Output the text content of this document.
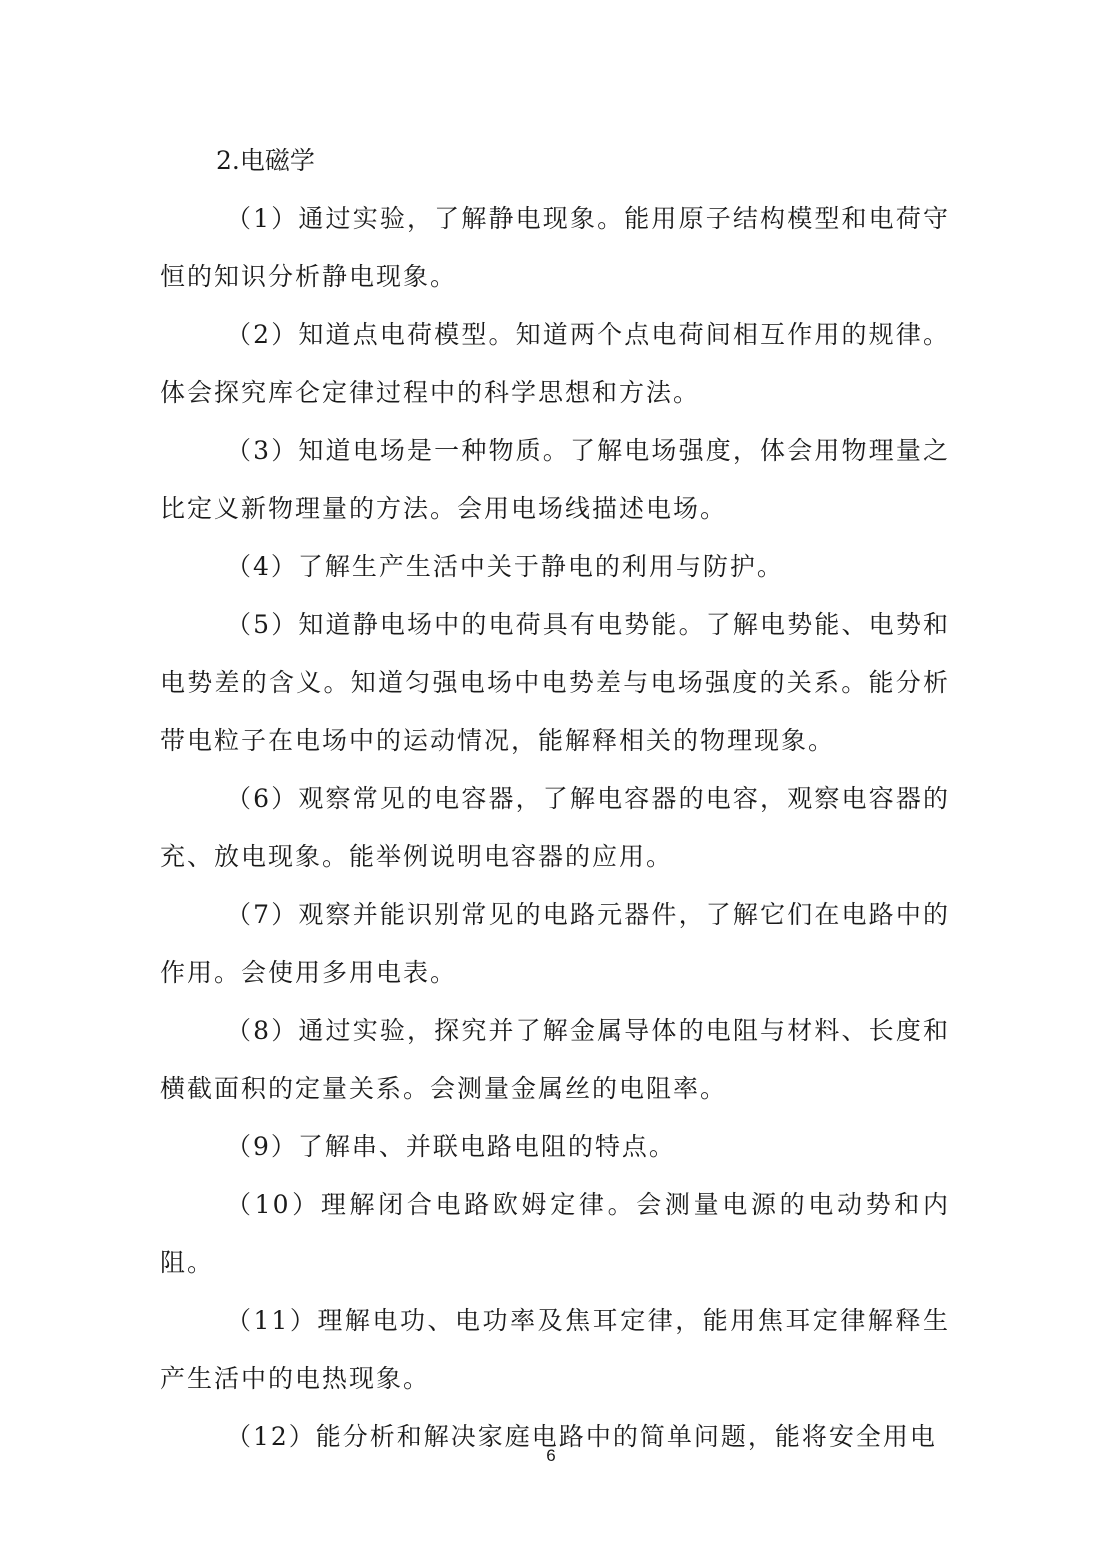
2.电磁学

（1）通过实验，了解静电现象。能用原子结构模型和电荷守恒的知识分析静电现象。

（2）知道点电荷模型。知道两个点电荷间相互作用的规律。体会探究库仑定律过程中的科学思想和方法。

（3）知道电场是一种物质。了解电场强度，体会用物理量之比定义新物理量的方法。会用电场线描述电场。

（4）了解生产生活中关于静电的利用与防护。

（5）知道静电场中的电荷具有电势能。了解电势能、电势和电势差的含义。知道匀强电场中电势差与电场强度的关系。能分析带电粒子在电场中的运动情况，能解释相关的物理现象。

（6）观察常见的电容器，了解电容器的电容，观察电容器的充、放电现象。能举例说明电容器的应用。

（7）观察并能识别常见的电路元器件，了解它们在电路中的作用。会使用多用电表。

（8）通过实验，探究并了解金属导体的电阻与材料、长度和横截面积的定量关系。会测量金属丝的电阻率。

（9）了解串、并联电路电阻的特点。

（10）理解闭合电路欧姆定律。会测量电源的电动势和内阻。

（11）理解电功、电功率及焦耳定律，能用焦耳定律解释生产生活中的电热现象。

（12）能分析和解决家庭电路中的简单问题，能将安全用电

6
